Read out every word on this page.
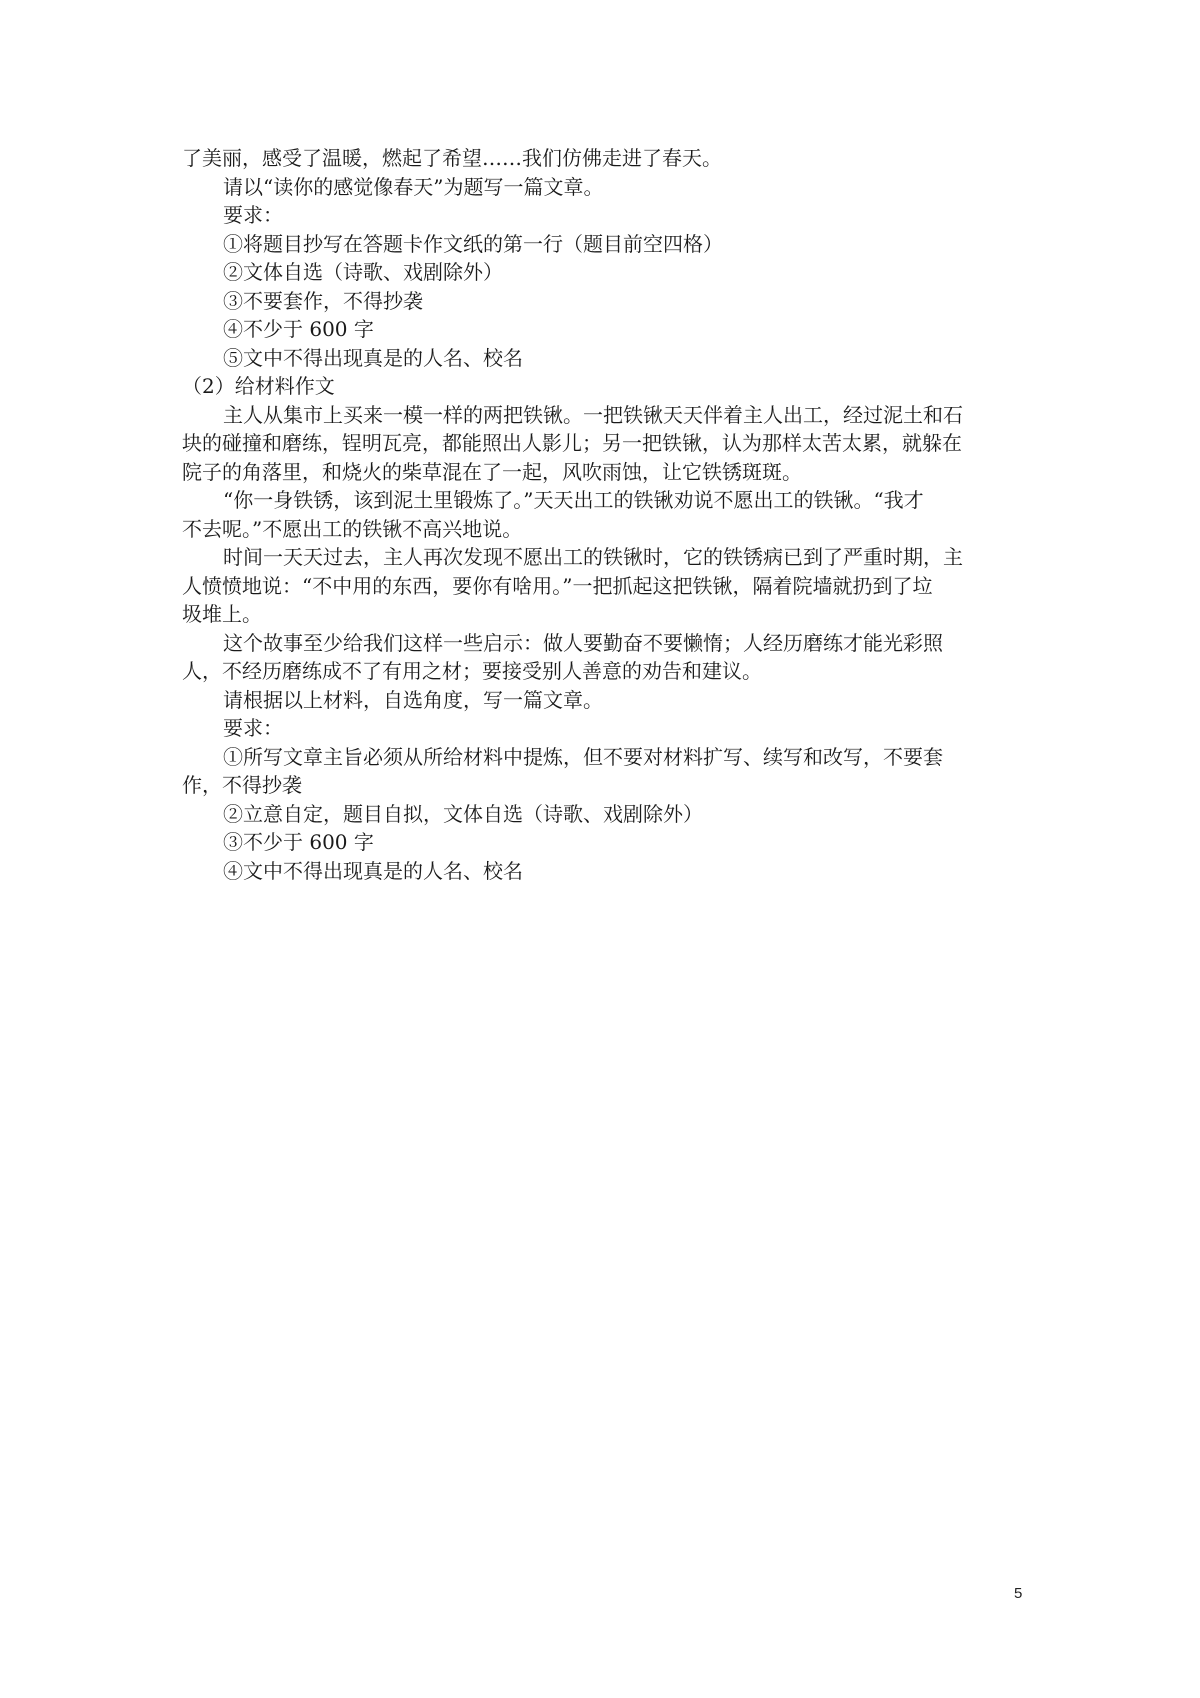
了美丽，感受了温暖，燃起了希望……我们仿佛走进了春天。
请以“读你的感觉像春天”为题写一篇文章。
要求：
①将题目抄写在答题卡作文纸的第一行（题目前空四格）
②文体自选（诗歌、戏剧除外）
③不要套作，不得抄袭
④不少于 600 字
⑤文中不得出现真是的人名、校名
（2）给材料作文
主人从集市上买来一模一样的两把铁锹。一把铁锹天天伴着主人出工，经过泥土和石
块的碰撞和磨练，锃明瓦亮，都能照出人影儿；另一把铁锹，认为那样太苦太累，就躲在
院子的角落里，和烧火的柴草混在了一起，风吹雨蚀，让它铁锈斑斑。
“你一身铁锈，该到泥土里锻炼了。”天天出工的铁锹劝说不愿出工的铁锹。“我才
不去呢。”不愿出工的铁锹不高兴地说。
时间一天天过去，主人再次发现不愿出工的铁锹时，它的铁锈病已到了严重时期，主
人愤愤地说：“不中用的东西，要你有啥用。”一把抓起这把铁锹，隔着院墙就扔到了垃
圾堆上。
这个故事至少给我们这样一些启示：做人要勤奋不要懒惰；人经历磨练才能光彩照
人，不经历磨练成不了有用之材；要接受别人善意的劝告和建议。
请根据以上材料，自选角度，写一篇文章。
要求：
①所写文章主旨必须从所给材料中提炼，但不要对材料扩写、续写和改写，不要套
作，不得抄袭
②立意自定，题目自拟，文体自选（诗歌、戏剧除外）
③不少于 600 字
④文中不得出现真是的人名、校名
5
